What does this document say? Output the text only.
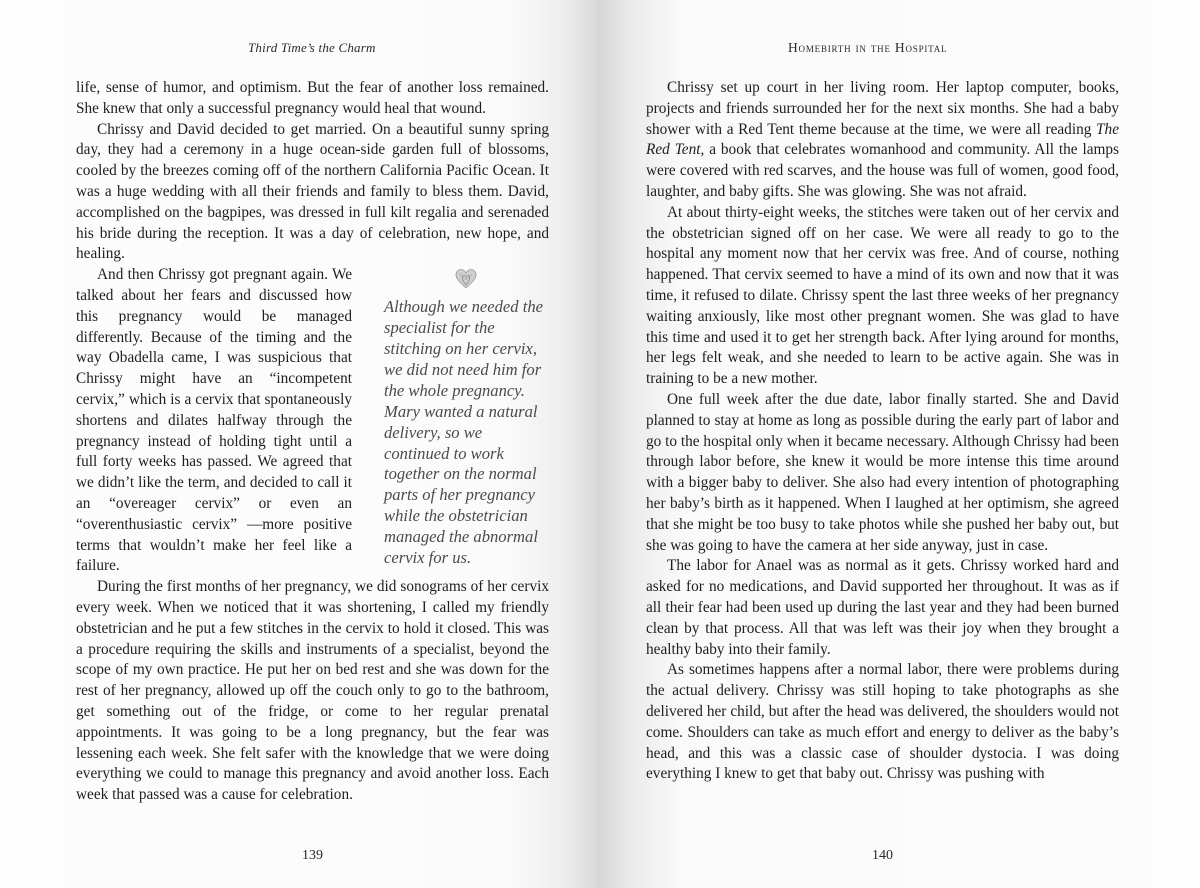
Third Time’s the Charm

life, sense of humor, and optimism. But the fear of another loss remained. She knew that only a successful pregnancy would heal that wound.

Chrissy and David decided to get married. On a beautiful sunny spring day, they had a ceremony in a huge ocean-side garden full of blossoms, cooled by the breezes coming off of the northern California Pacific Ocean. It was a huge wedding with all their friends and family to bless them. David, accomplished on the bagpipes, was dressed in full kilt regalia and serenaded his bride during the reception. It was a day of celebration, new hope, and healing.

Although we needed the specialist for the stitching on her cervix, we did not need him for the whole pregnancy. Mary wanted a natural delivery, so we continued to work together on the normal parts of her pregnancy while the obstetrician managed the abnormal cervix for us.

And then Chrissy got pregnant again. We talked about her fears and discussed how this pregnancy would be managed differently. Because of the timing and the way Obadella came, I was suspicious that Chrissy might have an “incompetent cervix,” which is a cervix that spontaneously shortens and dilates halfway through the pregnancy instead of holding tight until a full forty weeks has passed. We agreed that we didn’t like the term, and decided to call it an “overeager cervix” or even an “overenthusiastic cervix” —more positive terms that wouldn’t make her feel like a failure.

During the first months of her pregnancy, we did sonograms of her cervix every week. When we noticed that it was shortening, I called my friendly obstetrician and he put a few stitches in the cervix to hold it closed. This was a procedure requiring the skills and instruments of a specialist, beyond the scope of my own practice. He put her on bed rest and she was down for the rest of her pregnancy, allowed up off the couch only to go to the bathroom, get something out of the fridge, or come to her regular prenatal appointments. It was going to be a long pregnancy, but the fear was lessening each week. She felt safer with the knowledge that we were doing everything we could to manage this pregnancy and avoid another loss. Each week that passed was a cause for celebration.

139
Homebirth in the Hospital

Chrissy set up court in her living room. Her laptop computer, books, projects and friends surrounded her for the next six months. She had a baby shower with a Red Tent theme because at the time, we were all reading The Red Tent, a book that celebrates womanhood and community. All the lamps were covered with red scarves, and the house was full of women, good food, laughter, and baby gifts. She was glowing. She was not afraid.

At about thirty-eight weeks, the stitches were taken out of her cervix and the obstetrician signed off on her case. We were all ready to go to the hospital any moment now that her cervix was free. And of course, nothing happened. That cervix seemed to have a mind of its own and now that it was time, it refused to dilate. Chrissy spent the last three weeks of her pregnancy waiting anxiously, like most other pregnant women. She was glad to have this time and used it to get her strength back. After lying around for months, her legs felt weak, and she needed to learn to be active again. She was in training to be a new mother.

One full week after the due date, labor finally started. She and David planned to stay at home as long as possible during the early part of labor and go to the hospital only when it became necessary. Although Chrissy had been through labor before, she knew it would be more intense this time around with a bigger baby to deliver. She also had every intention of photographing her baby’s birth as it happened. When I laughed at her optimism, she agreed that she might be too busy to take photos while she pushed her baby out, but she was going to have the camera at her side anyway, just in case.

The labor for Anael was as normal as it gets. Chrissy worked hard and asked for no medications, and David supported her throughout. It was as if all their fear had been used up during the last year and they had been burned clean by that process. All that was left was their joy when they brought a healthy baby into their family.

As sometimes happens after a normal labor, there were problems during the actual delivery. Chrissy was still hoping to take photographs as she delivered her child, but after the head was delivered, the shoulders would not come. Shoulders can take as much effort and energy to deliver as the baby’s head, and this was a classic case of shoulder dystocia. I was doing everything I knew to get that baby out. Chrissy was pushing with

140
